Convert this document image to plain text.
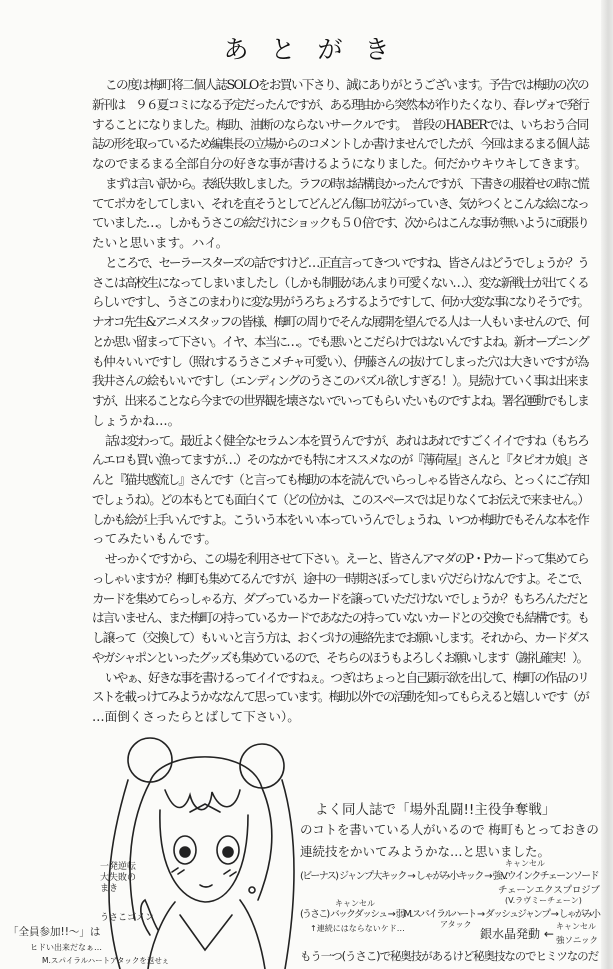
あとがき
この度は梅町将二個人誌SOLOをお買い下さり、誠にありがとうございます。予告では梅助の次の
新刊は　９６夏コミになる予定だったんですが、ある理由から突然本が作りたくなり、春レヴォで発行
することになりました。梅助、油断のならないサークルです。　普段のHABERでは、いちおう合同
誌の形を取っているため編集長の立場からのコメントしか書けませんでしたが、今回はまるまる個人誌
なのでまるまる全部自分の好きな事が書けるようになりました。何だかウキウキしてきます。
まずは言い訳から。表紙失敗しました。ラフの時は結構良かったんですが、下書きの服着せの時に慌
ててポカをしてしまい、それを直そうとしてどんどん傷口が広がっていき、気がつくとこんな絵になっ
ていました…。しかもうさこの絵だけにショックも５０倍です、次からはこんな事が無いように頑張り
たいと思います。ハイ。
ところで、セーラースターズの話ですけど…正直言ってきついですね、皆さんはどうでしょうか？う
さこは高校生になってしまいましたし（しかも制服があんまり可愛くない…）、変な新戦士が出てくる
らしいですし、うさこのまわりに変な男がうろちょろするようですして、何か大変な事になりそうです。
ナオコ先生&アニメスタッフの皆様、梅町の周りでそんな展開を望んでる人は一人もいませんので、何
とか思い留まって下さい。イヤ、本当に…。でも悪いとこだらけではないんですよね。新オープニング
も仲々いいですし（照れするうさこメチャ可愛い）、伊藤さんの抜けてしまった穴は大きいですが為
我井さんの絵もいいですし（エンディングのうさこのパズル欲しすぎる！）。見続けていく事は出来ま
すが、出来ることなら今までの世界観を壊さないでいってもらいたいものですよね。署名運動でもしま
しょうかね…。
話は変わって。最近よく健全なセラムン本を買うんですが、あれはあれですごくイイですね（もちろ
んエロも買い漁ってますが…）そのなかでも特にオススメなのが『薄荷屋』さんと『タピオカ娘』さ
んと『猫共感流し』さんです（と言っても梅助の本を読んでいらっしゃる皆さんなら、とっくにご存知
でしょうね）。どの本もとても面白くて（どの位かは、このスペースでは足りなくてお伝えで来ません。）
しかも絵が上手いんですよ。こういう本をいい本っていうんでしょうね、いつか梅助でもそんな本を作
ってみたいもんです。
せっかくですから、この場を利用させて下さい。えーと、皆さんアマダのP・Pカードって集めてら
っしゃいますか？梅町も集めてるんですが、途中の一時期さぼってしまい穴だらけなんですよ。そこで、
カードを集めてらっしゃる方、ダブっているカードを譲っていただけないでしょうか？もちろんただと
は言いません、また梅町の持っているカードであなたの持っていないカードとの交換でも結構です。も
し譲って（交換して）もいいと言う方は、おくづけの連絡先までお願いします。それから、カードダス
やガシャポンといったグッズも集めているので、そちらのほうもよろしくお願いします（謝礼確実！）。
いやぁ、好きな事を書けるってイイですねぇ。つぎはちょっと自己顕示欲を出して、梅町の作品のリ
ストを載っけてみようかななんて思っています。梅助以外での活動を知ってもらえると嬉しいです（が
…面倒くさったらとばして下さい）。
よく同人誌で「場外乱闘!!主役争奪戦」
のコトを書いている人がいるので 梅町もとっておきの
連続技をかいてみようかな…と思いました。
キャンセル
(ビーナス) ジャンプ大キック → しゃがみ小キック → 強V.ウインクチェーンソード
チェーンエクスプロジブ
(V.ラヴミーチェーン)
キャンセル
(うさこ) バックダッシュ → 弱M.スパイラルハート → ダッシュジャンプ → しゃがみ小
アタック
↑連続にはならないケド…	銀水晶発動 ←
キャンセル
強ソニック
もう一つ(うさこ)で秘奥技があるけど秘奥技なのでヒミツなのだ
一発逆転
大失敗の
まき
うさこゴメン
「全員参加!!〜」は
ヒドい出来だなぁ…
M.スパイラルハートアタックを返せぇ
